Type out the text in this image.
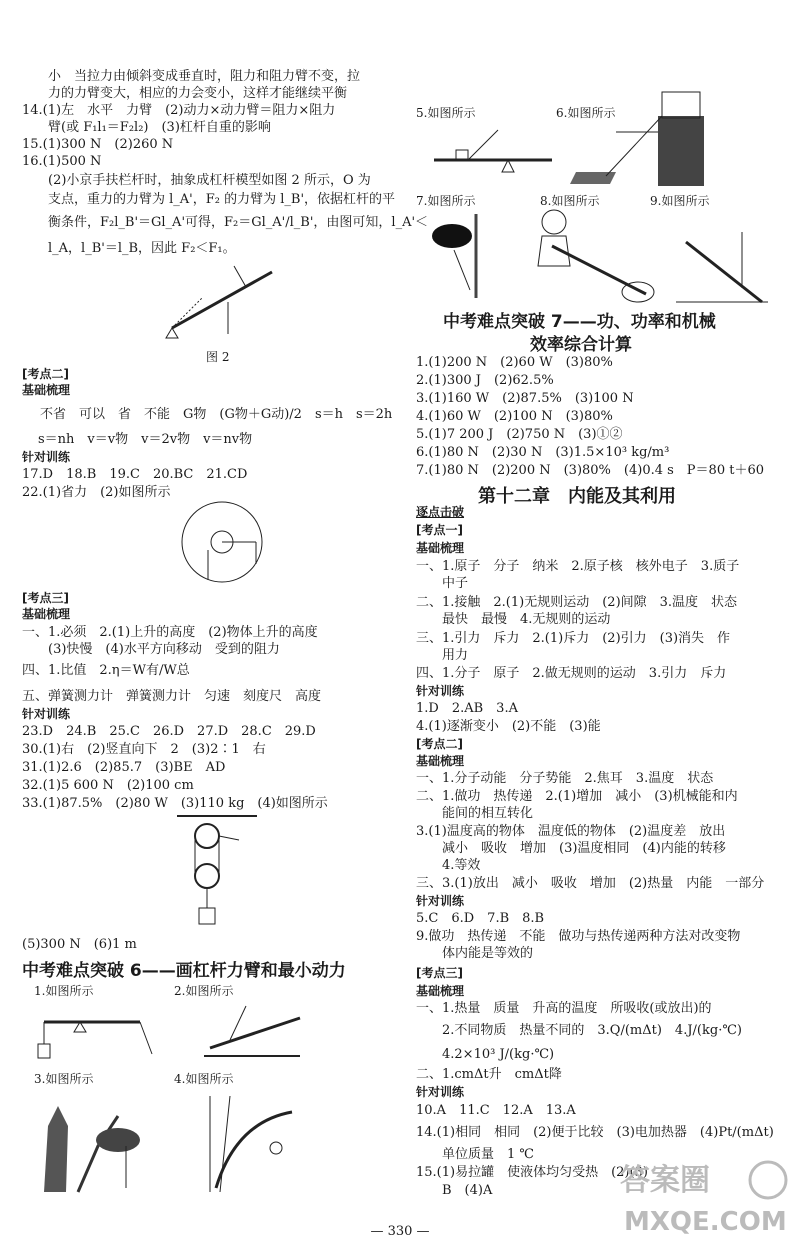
小　当拉力由倾斜变成垂直时，阻力和阻力臂不变，拉
力的力臂变大，相应的力会变小，这样才能继续平衡
14.(1)左　水平　力臂　(2)动力×动力臂＝阻力×阻力
臂(或 F₁l₁＝F₂l₂)　(3)杠杆自重的影响
15.(1)300 N　(2)260 N
16.(1)500 N
(2)小京手扶栏杆时，抽象成杠杆模型如图 2 所示，O 为
支点，重力的力臂为 l_A'，F₂ 的力臂为 l_B'，依据杠杆的平
衡条件，F₂l_B'＝Gl_A'可得，F₂＝Gl_A'/l_B'，由图可知，l_A'＜
l_A，l_B'＝l_B，因此 F₂＜F₁。
图 2
[考点二]
基础梳理
不省　可以　省　不能　G物　(G物＋G动)/2　s＝h　s＝2h
s＝nh　v＝v物　v＝2v物　v＝nv物
针对训练
17.D　18.B　19.C　20.BC　21.CD
22.(1)省力　(2)如图所示
[考点三]
基础梳理
一、1.必须　2.(1)上升的高度　(2)物体上升的高度
(3)快慢　(4)水平方向移动　受到的阻力
四、1.比值　2.η＝W有/W总
五、弹簧测力计　弹簧测力计　匀速　刻度尺　高度
针对训练
23.D　24.B　25.C　26.D　27.D　28.C　29.D
30.(1)右　(2)竖直向下　2　(3)2∶1　右
31.(1)2.6　(2)85.7　(3)BE　AD
32.(1)5 600 N　(2)100 cm
33.(1)87.5%　(2)80 W　(3)110 kg　(4)如图所示
(5)300 N　(6)1 m
中考难点突破 6——画杠杆力臂和最小动力
1.如图所示	2.如图所示
3.如图所示	4.如图所示
5.如图所示	6.如图所示
7.如图所示	8.如图所示	9.如图所示
中考难点突破 7——功、功率和机械
效率综合计算
1.(1)200 N　(2)60 W　(3)80%
2.(1)300 J　(2)62.5%
3.(1)160 W　(2)87.5%　(3)100 N
4.(1)60 W　(2)100 N　(3)80%
5.(1)7 200 J　(2)750 N　(3)①②
6.(1)80 N　(2)30 N　(3)1.5×10³ kg/m³
7.(1)80 N　(2)200 N　(3)80%　(4)0.4 s　P＝80 t＋60
第十二章　内能及其利用
逐点击破
[考点一]
基础梳理
一、1.原子　分子　纳米　2.原子核　核外电子　3.质子
中子
二、1.接触　2.(1)无规则运动　(2)间隙　3.温度　状态
最快　最慢　4.无规则的运动
三、1.引力　斥力　2.(1)斥力　(2)引力　(3)消失　作
用力
四、1.分子　原子　2.做无规则的运动　3.引力　斥力
针对训练
1.D　2.AB　3.A
4.(1)逐渐变小　(2)不能　(3)能
[考点二]
基础梳理
一、1.分子动能　分子势能　2.焦耳　3.温度　状态
二、1.做功　热传递　2.(1)增加　减小　(3)机械能和内
能间的相互转化
3.(1)温度高的物体　温度低的物体　(2)温度差　放出
减小　吸收　增加　(3)温度相同　(4)内能的转移
4.等效
三、3.(1)放出　减小　吸收　增加　(2)热量　内能　一部分
针对训练
5.C　6.D　7.B　8.B
9.做功　热传递　不能　做功与热传递两种方法对改变物
体内能是等效的
[考点三]
基础梳理
一、1.热量　质量　升高的温度　所吸收(或放出)的
2.不同物质　热量不同的　3.Q/(mΔt)　4.J/(kg·℃)
4.2×10³ J/(kg·℃)
二、1.cmΔt升　cmΔt降
针对训练
10.A　11.C　12.A　13.A
14.(1)相同　相同　(2)便于比较　(3)电加热器　(4)Pt/(mΔt)
单位质量　1 ℃
15.(1)易拉罐　使液体均匀受热　(2)(3)
B　(4)A	答案圈
MXQE.COM
— 330 —
